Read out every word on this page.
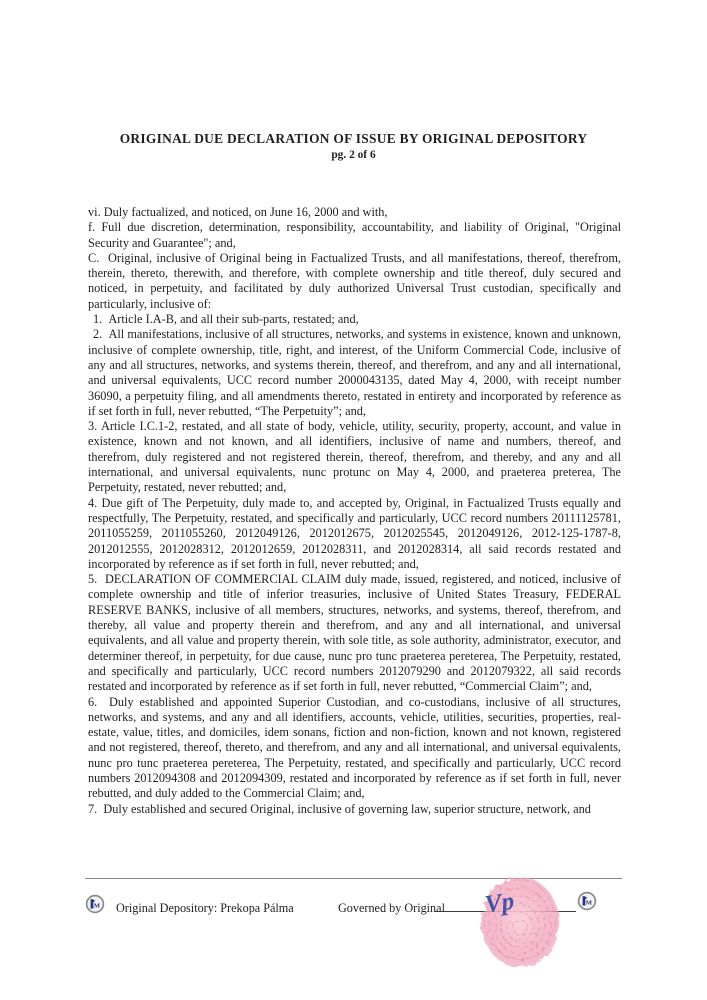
ORIGINAL DUE DECLARATION OF ISSUE BY ORIGINAL DEPOSITORY
pg. 2 of 6

vi. Duly factualized, and noticed, on June 16, 2000 and with,

f. Full due discretion, determination, responsibility, accountability, and liability of Original, "Original Security and Guarantee"; and,

C.  Original, inclusive of Original being in Factualized Trusts, and all manifestations, thereof, therefrom, therein, thereto, therewith, and therefore, with complete ownership and title thereof, duly secured and noticed, in perpetuity, and facilitated by duly authorized Universal Trust custodian, specifically and particularly, inclusive of:

1.  Article I.A-B, and all their sub-parts, restated; and,

2.  All manifestations, inclusive of all structures, networks, and systems in existence, known and unknown, inclusive of complete ownership, title, right, and interest, of the Uniform Commercial Code, inclusive of any and all structures, networks, and systems therein, thereof, and therefrom, and any and all international, and universal equivalents, UCC record number 2000043135, dated May 4, 2000, with receipt number 36090, a perpetuity filing, and all amendments thereto, restated in entirety and incorporated by reference as if set forth in full, never rebutted, “The Perpetuity”; and,

3. Article I.C.1-2, restated, and all state of body, vehicle, utility, security, property, account, and value in existence, known and not known, and all identifiers, inclusive of name and numbers, thereof, and therefrom, duly registered and not registered therein, thereof, therefrom, and thereby, and any and all international, and universal equivalents, nunc protunc on May 4, 2000, and praeterea preterea, The Perpetuity, restated, never rebutted; and,

4. Due gift of The Perpetuity, duly made to, and accepted by, Original, in Factualized Trusts equally and respectfully, The Perpetuity, restated, and specifically and particularly, UCC record numbers 20111125781, 2011055259, 2011055260, 2012049126, 2012012675, 2012025545, 2012049126, 2012-125-1787-8, 2012012555, 2012028312, 2012012659, 2012028311, and 2012028314, all said records restated and incorporated by reference as if set forth in full, never rebutted; and,

5.  DECLARATION OF COMMERCIAL CLAIM duly made, issued, registered, and noticed, inclusive of complete ownership and title of inferior treasuries, inclusive of United States Treasury, FEDERAL RESERVE BANKS, inclusive of all members, structures, networks, and systems, thereof, therefrom, and thereby, all value and property therein and therefrom, and any and all international, and universal equivalents, and all value and property therein, with sole title, as sole authority, administrator, executor, and determiner thereof, in perpetuity, for due cause, nunc pro tunc praeterea pereterea, The Perpetuity, restated, and specifically and particularly, UCC record numbers 2012079290 and 2012079322, all said records restated and incorporated by reference as if set forth in full, never rebutted, “Commercial Claim”; and,

6.  Duly established and appointed Superior Custodian, and co-custodians, inclusive of all structures, networks, and systems, and any and all identifiers, accounts, vehicle, utilities, securities, properties, real-estate, value, titles, and domiciles, idem sonans, fiction and non-fiction, known and not known, registered and not registered, thereof, thereto, and therefrom, and any and all international, and universal equivalents, nunc pro tunc praeterea pereterea, The Perpetuity, restated, and specifically and particularly, UCC record numbers 2012094308 and 2012094309, restated and incorporated by reference as if set forth in full, never rebutted, and duly added to the Commercial Claim; and,

7.  Duly established and secured Original, inclusive of governing law, superior structure, network, and

M Original Depository: Prekopa Pálma	Governed by Original Vp	M
